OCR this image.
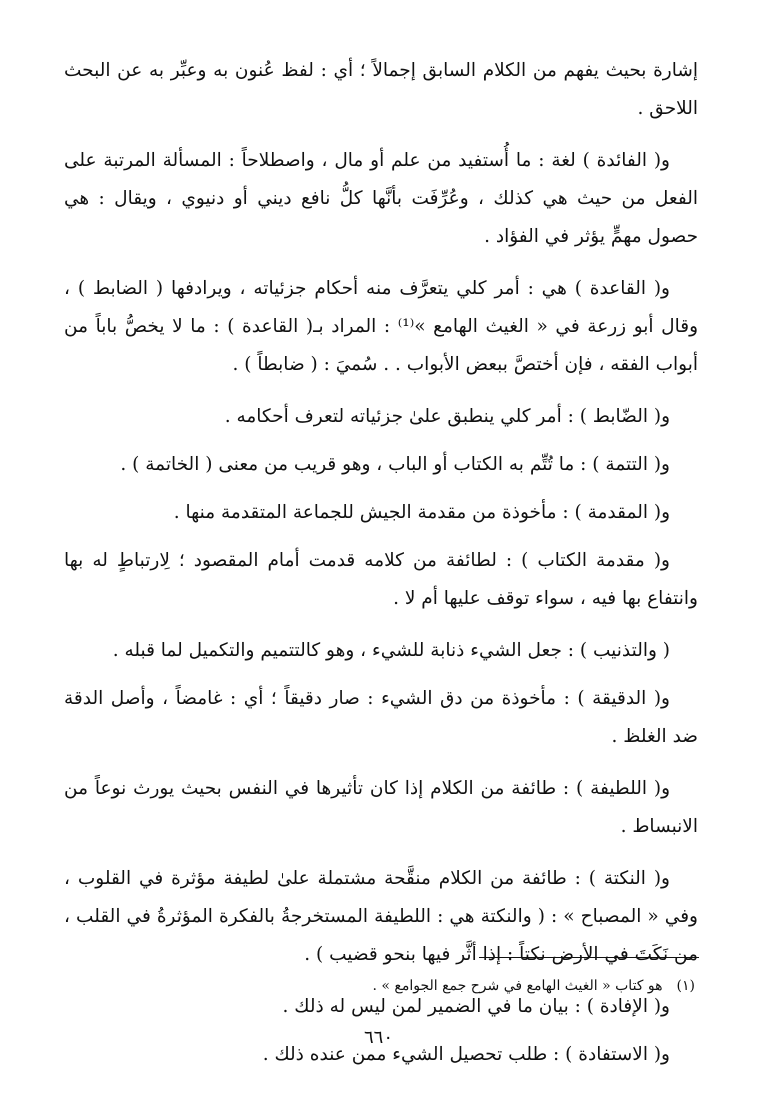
إشارة بحيث يفهم من الكلام السابق إجمالاً ؛ أي : لفظ عُنون به وعبِّر به عن البحث اللاحق .

و( الفائدة ) لغة : ما أُستفيد من علم أو مال ، واصطلاحاً : المسألة المرتبة على الفعل من حيث هي كذلك ، وعُرِّفَت بأنَّها كلُّ نافع ديني أو دنيوي ، ويقال : هي حصول مهمٍّ يؤثر في الفؤاد .

و( القاعدة ) هي : أمر كلي يتعرَّف منه أحكام جزئياته ، ويرادفها ( الضابط ) ، وقال أبو زرعة في « الغيث الهامع »⁽¹⁾ : المراد بـ( القاعدة ) : ما لا يخصُّ باباً من أبواب الفقه ، فإن أختصَّ ببعض الأبواب . . سُميَ : ( ضابطاً ) .

و( الضّابط ) : أمر كلي ينطبق علىٰ جزئياته لتعرف أحكامه .

و( التتمة ) : ما تُتِّم به الكتاب أو الباب ، وهو قريب من معنى ( الخاتمة ) .

و( المقدمة ) : مأخوذة من مقدمة الجيش للجماعة المتقدمة منها .

و( مقدمة الكتاب ) : لطائفة من كلامه قدمت أمام المقصود ؛ لِارتباطٍ له بها وانتفاع بها فيه ، سواء توقف عليها أم لا .

( والتذنيب ) : جعل الشيء ذنابة للشيء ، وهو كالتتميم والتكميل لما قبله .

و( الدقيقة ) : مأخوذة من دق الشيء : صار دقيقاً ؛ أي : غامضاً ، وأصل الدقة ضد الغلظ .

و( اللطيفة ) : طائفة من الكلام إذا كان تأثيرها في النفس بحيث يورث نوعاً من الانبساط .

و( النكتة ) : طائفة من الكلام منقَّحة مشتملة علىٰ لطيفة مؤثرة في القلوب ، وفي « المصباح » : ( والنكتة هي : اللطيفة المستخرجةُ بالفكرة المؤثرةُ في القلب ، من نَكَتَ في الأرض نكتاً : إذا أثَّر فيها بنحو قضيب ) .

و( الإفادة ) : بيان ما في الضمير لمن ليس له ذلك .

و( الاستفادة ) : طلب تحصيل الشيء ممن عنده ذلك .

(١)هو كتاب « الغيث الهامع في شرح جمع الجوامع » .
٦٦٠
